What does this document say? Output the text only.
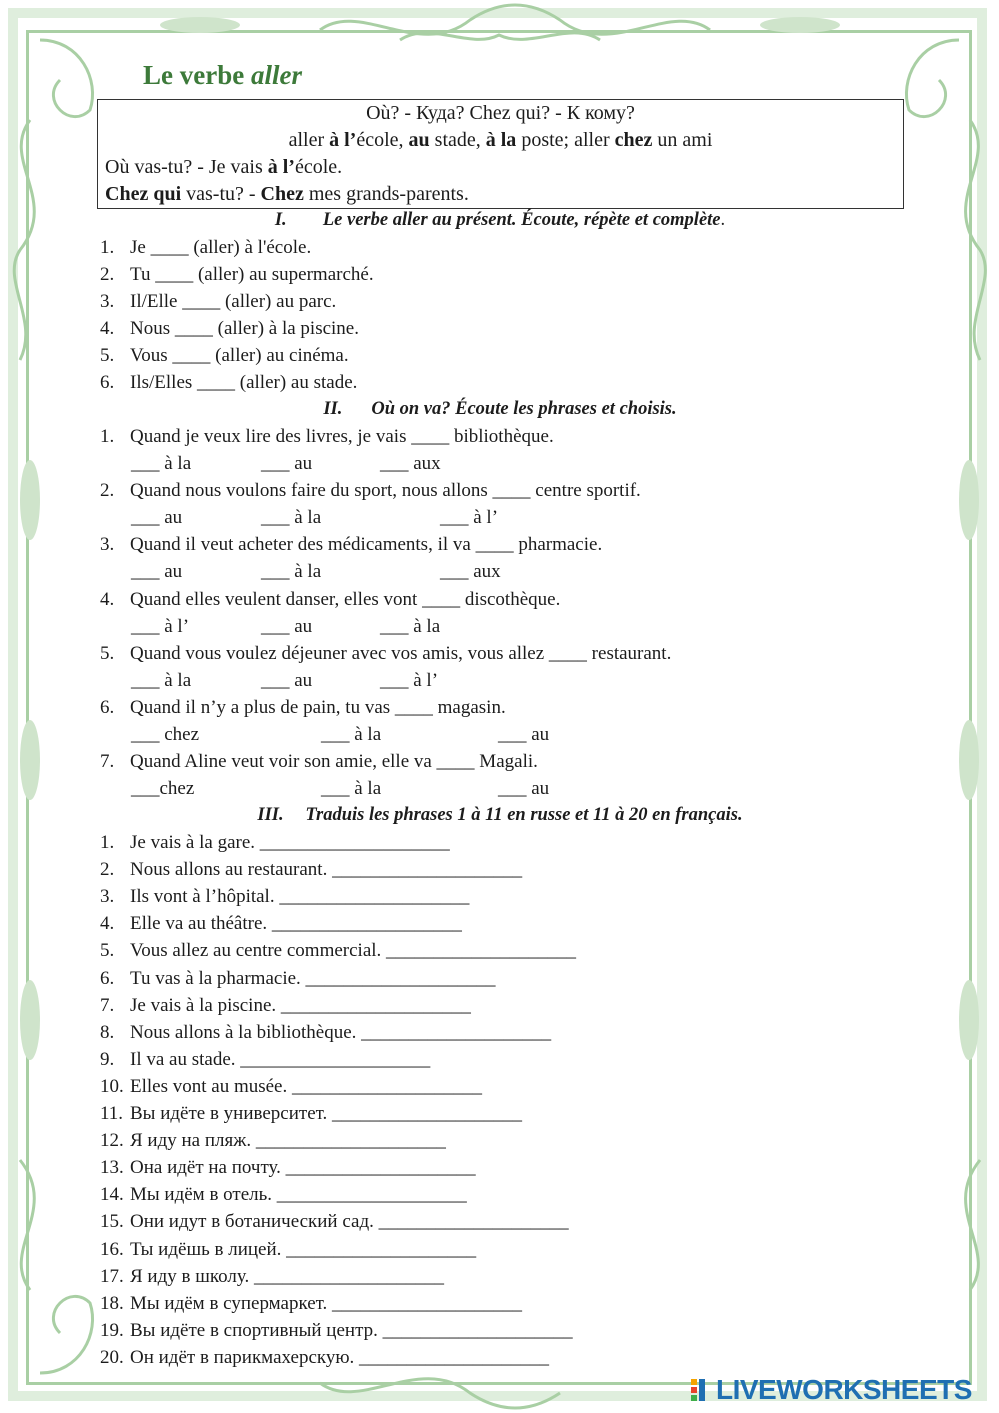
Le verbe aller
Où? - Куда? Chez qui? - К кому?
aller à l’école, au stade, à la poste; aller chez un ami
Où vas-tu? - Je vais à l’école.
Chez qui vas-tu? - Chez mes grands-parents.
I. Le verbe aller au présent. Écoute, répète et complète.
1. Je ____ (aller) à l'école.
2. Tu ____ (aller) au supermarché.
3. Il/Elle ____ (aller) au parc.
4. Nous ____ (aller) à la piscine.
5. Vous ____ (aller) au cinéma.
6. Ils/Elles ____ (aller) au stade.
II. Où on va? Écoute les phrases et choisis.
1. Quand je veux lire des livres, je vais ____ bibliothèque.
___ à la	___ au	___ aux
2. Quand nous voulons faire du sport, nous allons ____ centre sportif.
___ au	___ à la	___ à l’
3. Quand il veut acheter des médicaments, il va ____ pharmacie.
___ au	___ à la	___ aux
4. Quand elles veulent danser, elles vont ____ discothèque.
___ à l’	___ au	___ à la
5. Quand vous voulez déjeuner avec vos amis, vous allez ____ restaurant.
___ à la	___ au	___ à l’
6. Quand il n’y a plus de pain, tu vas ____ magasin.
___ chez	___ à la	___ au
7. Quand Aline veut voir son amie, elle va ____ Magali.
___chez	___ à la	___ au
III. Traduis les phrases 1 à 11 en russe et 11 à 20 en français.
1. Je vais à la gare. ____________________
2. Nous allons au restaurant. ____________________
3. Ils vont à l’hôpital. ____________________
4. Elle va au théâtre. ____________________
5. Vous allez au centre commercial. ____________________
6. Tu vas à la pharmacie. ____________________
7. Je vais à la piscine. ____________________
8. Nous allons à la bibliothèque. ____________________
9. Il va au stade. ____________________
10. Elles vont au musée. ____________________
11. Вы идёте в университет. ____________________
12. Я иду на пляж. ____________________
13. Она идёт на почту. ____________________
14. Мы идём в отель. ____________________
15. Они идут в ботанический сад. ____________________
16. Ты идёшь в лицей. ____________________
17. Я иду в школу. ____________________
18. Мы идём в супермаркет. ____________________
19. Вы идёте в спортивный центр. ____________________
20. Он идёт в парикмахерскую. ____________________
LIVEWORKSHEETS
